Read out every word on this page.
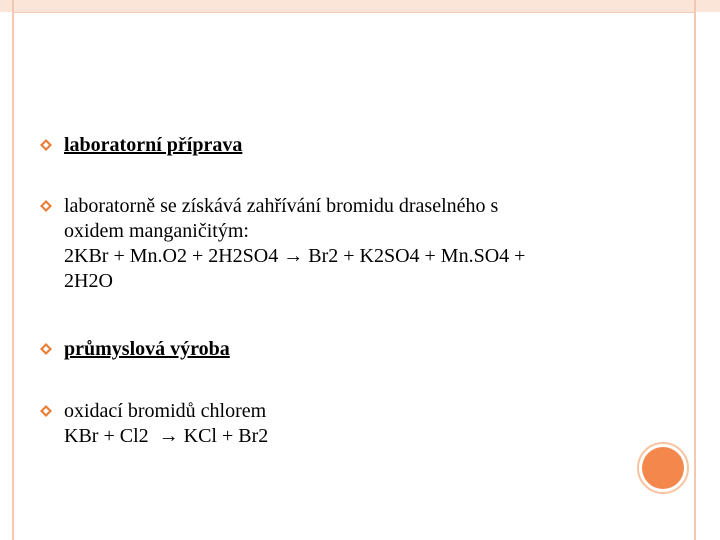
laboratorní příprava
laboratorně se získává zahřívání bromidu draselného s
oxidem manganičitým:
2KBr + Mn.O2 + 2H2SO4 → Br2 + K2SO4 + Mn.SO4 +
2H2O
průmyslová výroba
oxidací bromidů chlorem
KBr + Cl2  → KCl + Br2
